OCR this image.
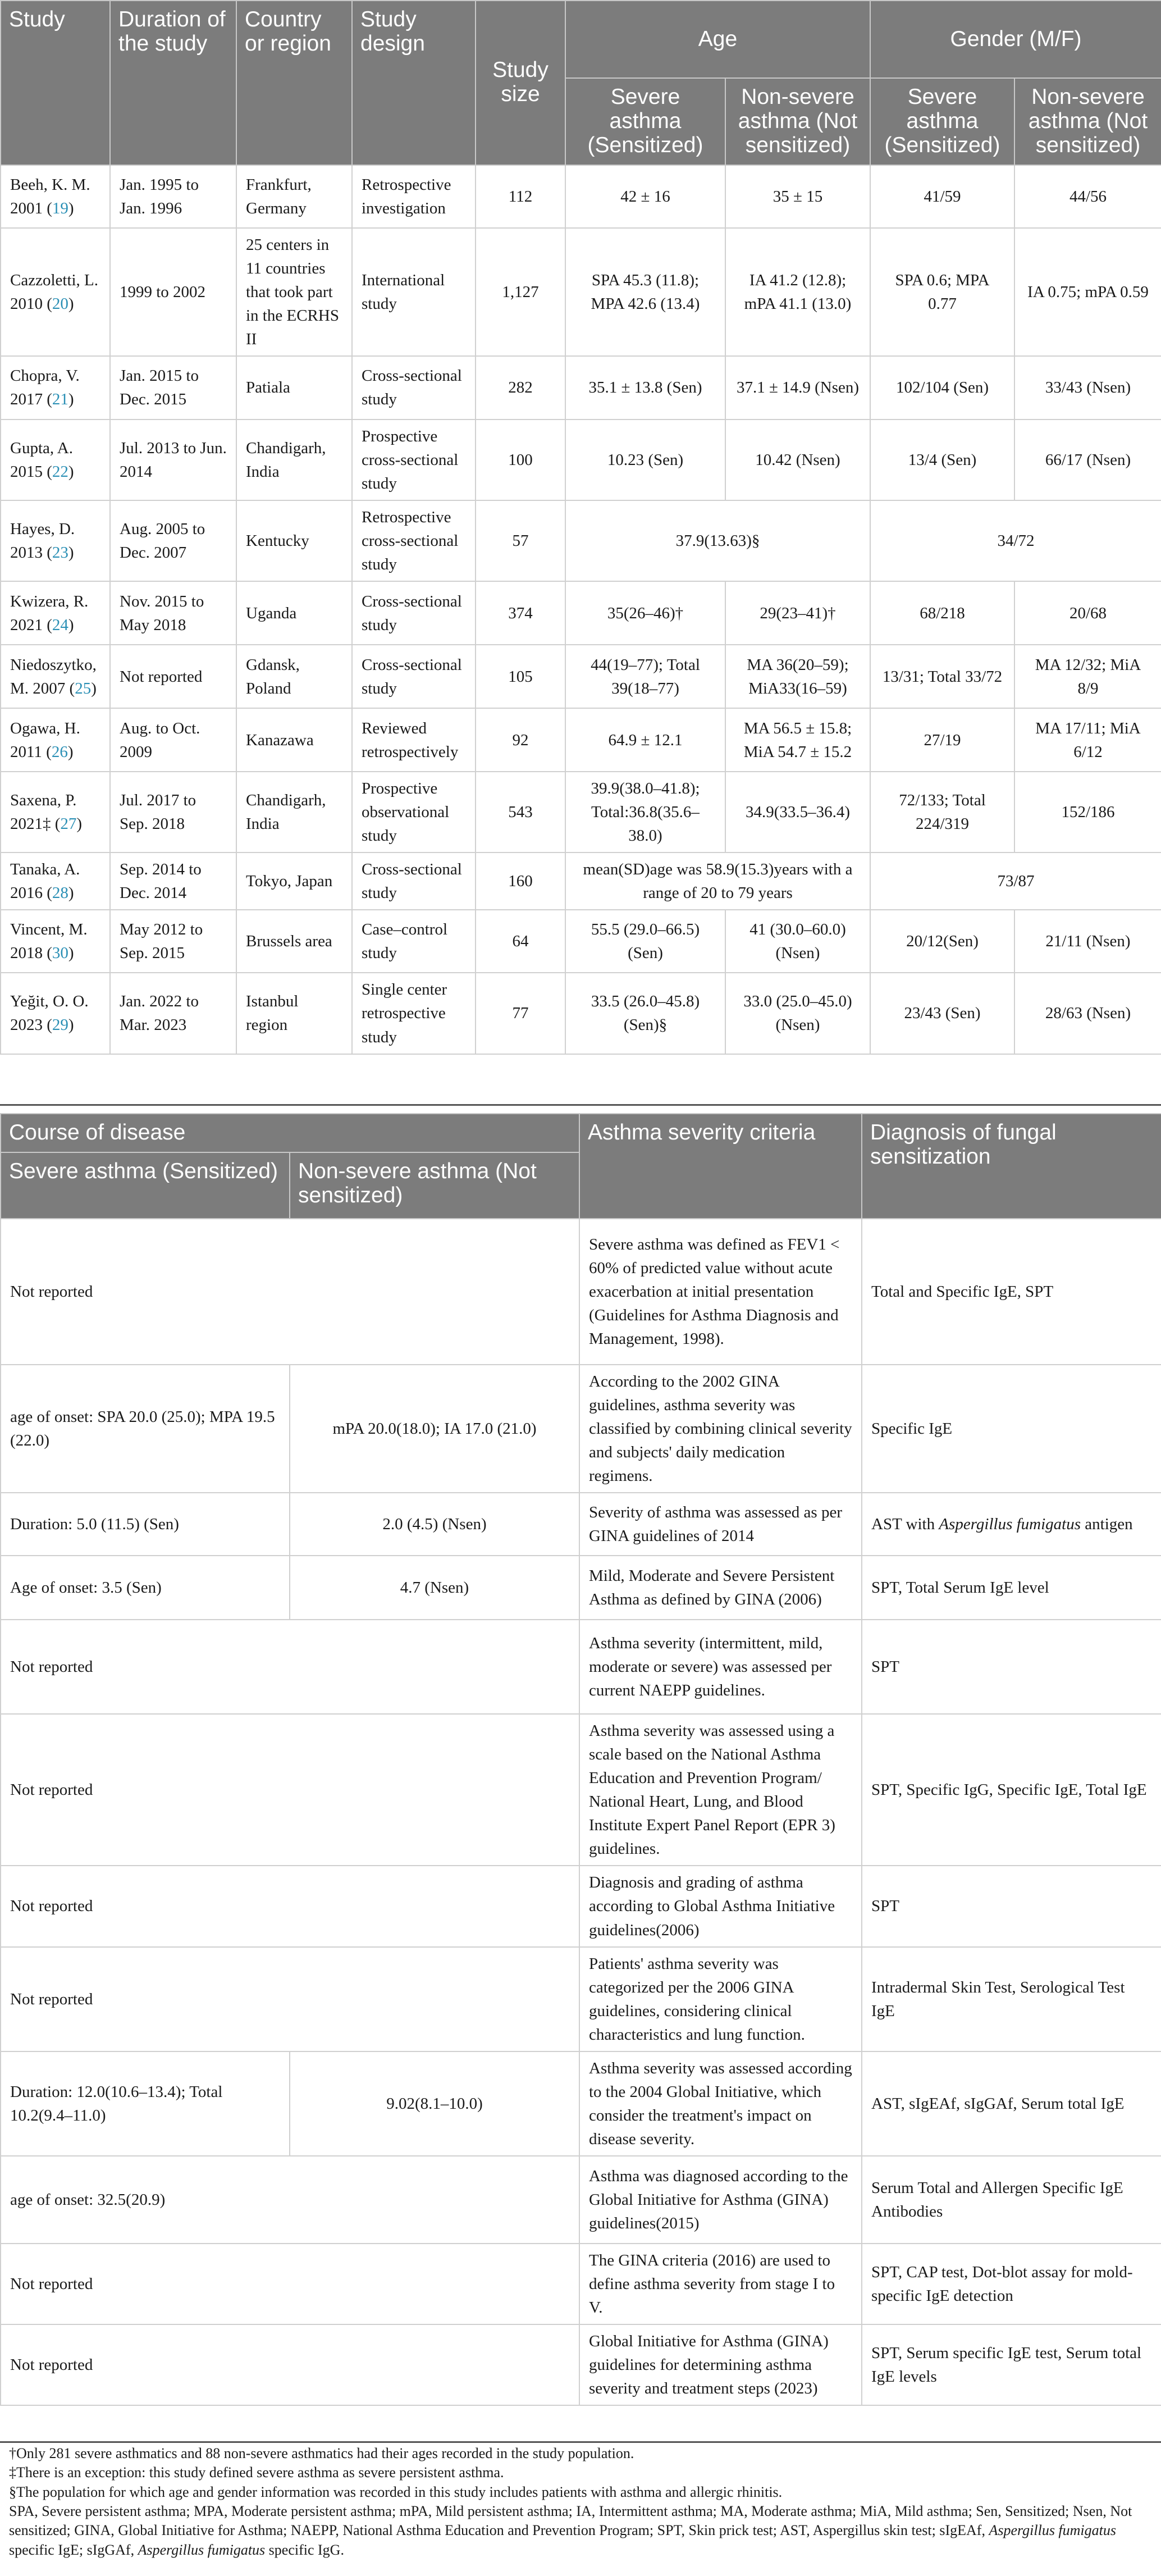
Study	Duration of the study	Country or region	Study design	Study size	Age		Gender (M/F)	
					Severe asthma (Sensitized)	Non-severe asthma (Not sensitized)	Severe asthma (Sensitized)	Non-severe asthma (Not sensitized)
Beeh, K. M. 2001 (19)	Jan. 1995 to Jan. 1996	Frankfurt, Germany	Retrospective investigation	112	42 ± 16	35 ± 15	41/59	44/56
Cazzoletti, L. 2010 (20)	1999 to 2002	25 centers in 11 countries that took part in the ECRHS II	International study	1,127	SPA 45.3 (11.8); MPA 42.6 (13.4)	IA 41.2 (12.8); mPA 41.1 (13.0)	SPA 0.6; MPA 0.77	IA 0.75; mPA 0.59
Chopra, V. 2017 (21)	Jan. 2015 to Dec. 2015	Patiala	Cross-sectional study	282	35.1 ± 13.8 (Sen)	37.1 ± 14.9 (Nsen)	102/104 (Sen)	33/43 (Nsen)
Gupta, A. 2015 (22)	Jul. 2013 to Jun. 2014	Chandigarh, India	Prospective cross-sectional study	100	10.23 (Sen)	10.42 (Nsen)	13/4 (Sen)	66/17 (Nsen)
Hayes, D. 2013 (23)	Aug. 2005 to Dec. 2007	Kentucky	Retrospective cross-sectional study	57	37.9(13.63)§		34/72	
Kwizera, R. 2021 (24)	Nov. 2015 to May 2018	Uganda	Cross-sectional study	374	35(26–46)†	29(23–41)†	68/218	20/68
Niedoszytko, M. 2007 (25)	Not reported	Gdansk, Poland	Cross-sectional study	105	44(19–77); Total 39(18–77)	MA 36(20–59); MiA33(16–59)	13/31; Total 33/72	MA 12/32; MiA 8/9
Ogawa, H. 2011 (26)	Aug. to Oct. 2009	Kanazawa	Reviewed retrospectively	92	64.9 ± 12.1	MA 56.5 ± 15.8; MiA 54.7 ± 15.2	27/19	MA 17/11; MiA 6/12
Saxena, P. 2021‡ (27)	Jul. 2017 to Sep. 2018	Chandigarh, India	Prospective observational study	543	39.9(38.0–41.8); Total:36.8(35.6–38.0)	34.9(33.5–36.4)	72/133; Total 224/319	152/186
Tanaka, A. 2016 (28)	Sep. 2014 to Dec. 2014	Tokyo, Japan	Cross-sectional study	160	mean(SD)age was 58.9(15.3)years with a range of 20 to 79 years		73/87	
Vincent, M. 2018 (30)	May 2012 to Sep. 2015	Brussels area	Case–control study	64	55.5 (29.0–66.5) (Sen)	41 (30.0–60.0) (Nsen)	20/12(Sen)	21/11 (Nsen)
Yeğit, O. O. 2023 (29)	Jan. 2022 to Mar. 2023	Istanbul region	Single center retrospective study	77	33.5 (26.0–45.8) (Sen)§	33.0 (25.0–45.0) (Nsen)	23/43 (Sen)	28/63 (Nsen)
Course of disease		Asthma severity criteria	Diagnosis of fungal sensitization
Severe asthma (Sensitized)	Non-severe asthma (Not sensitized)		
Not reported		Severe asthma was defined as FEV1 < 60% of predicted value without acute exacerbation at initial presentation (Guidelines for Asthma Diagnosis and Management, 1998).	Total and Specific IgE, SPT
age of onset: SPA 20.0 (25.0); MPA 19.5 (22.0)	mPA 20.0(18.0); IA 17.0 (21.0)	According to the 2002 GINA guidelines, asthma severity was classified by combining clinical severity and subjects' daily medication regimens.	Specific IgE
Duration: 5.0 (11.5) (Sen)	2.0 (4.5) (Nsen)	Severity of asthma was assessed as per GINA guidelines of 2014	AST with Aspergillus fumigatus antigen
Age of onset: 3.5 (Sen)	4.7 (Nsen)	Mild, Moderate and Severe Persistent Asthma as defined by GINA (2006)	SPT, Total Serum IgE level
Not reported		Asthma severity (intermittent, mild, moderate or severe) was assessed per current NAEPP guidelines.	SPT
Not reported		Asthma severity was assessed using a scale based on the National Asthma Education and Prevention Program/ National Heart, Lung, and Blood Institute Expert Panel Report (EPR 3) guidelines.	SPT, Specific IgG, Specific IgE, Total IgE
Not reported		Diagnosis and grading of asthma according to Global Asthma Initiative guidelines(2006)	SPT
Not reported		Patients' asthma severity was categorized per the 2006 GINA guidelines, considering clinical characteristics and lung function.	Intradermal Skin Test, Serological Test IgE
Duration: 12.0(10.6–13.4); Total 10.2(9.4–11.0)	9.02(8.1–10.0)	Asthma severity was assessed according to the 2004 Global Initiative, which consider the treatment's impact on disease severity.	AST, sIgEAf, sIgGAf, Serum total IgE
age of onset: 32.5(20.9)		Asthma was diagnosed according to the Global Initiative for Asthma (GINA) guidelines(2015)	Serum Total and Allergen Specific IgE Antibodies
Not reported		The GINA criteria (2016) are used to define asthma severity from stage I to V.	SPT, CAP test, Dot-blot assay for mold-specific IgE detection
Not reported		Global Initiative for Asthma (GINA) guidelines for determining asthma severity and treatment steps (2023)	SPT, Serum specific IgE test, Serum total IgE levels

†Only 281 severe asthmatics and 88 non-severe asthmatics had their ages recorded in the study population.

‡There is an exception: this study defined severe asthma as severe persistent asthma.

§The population for which age and gender information was recorded in this study includes patients with asthma and allergic rhinitis.

SPA, Severe persistent asthma; MPA, Moderate persistent asthma; mPA, Mild persistent asthma; IA, Intermittent asthma; MA, Moderate asthma; MiA, Mild asthma; Sen, Sensitized; Nsen, Not sensitized; GINA, Global Initiative for Asthma; NAEPP, National Asthma Education and Prevention Program; SPT, Skin prick test; AST, Aspergillus skin test; sIgEAf, Aspergillus fumigatus specific IgE; sIgGAf, Aspergillus fumigatus specific IgG.
